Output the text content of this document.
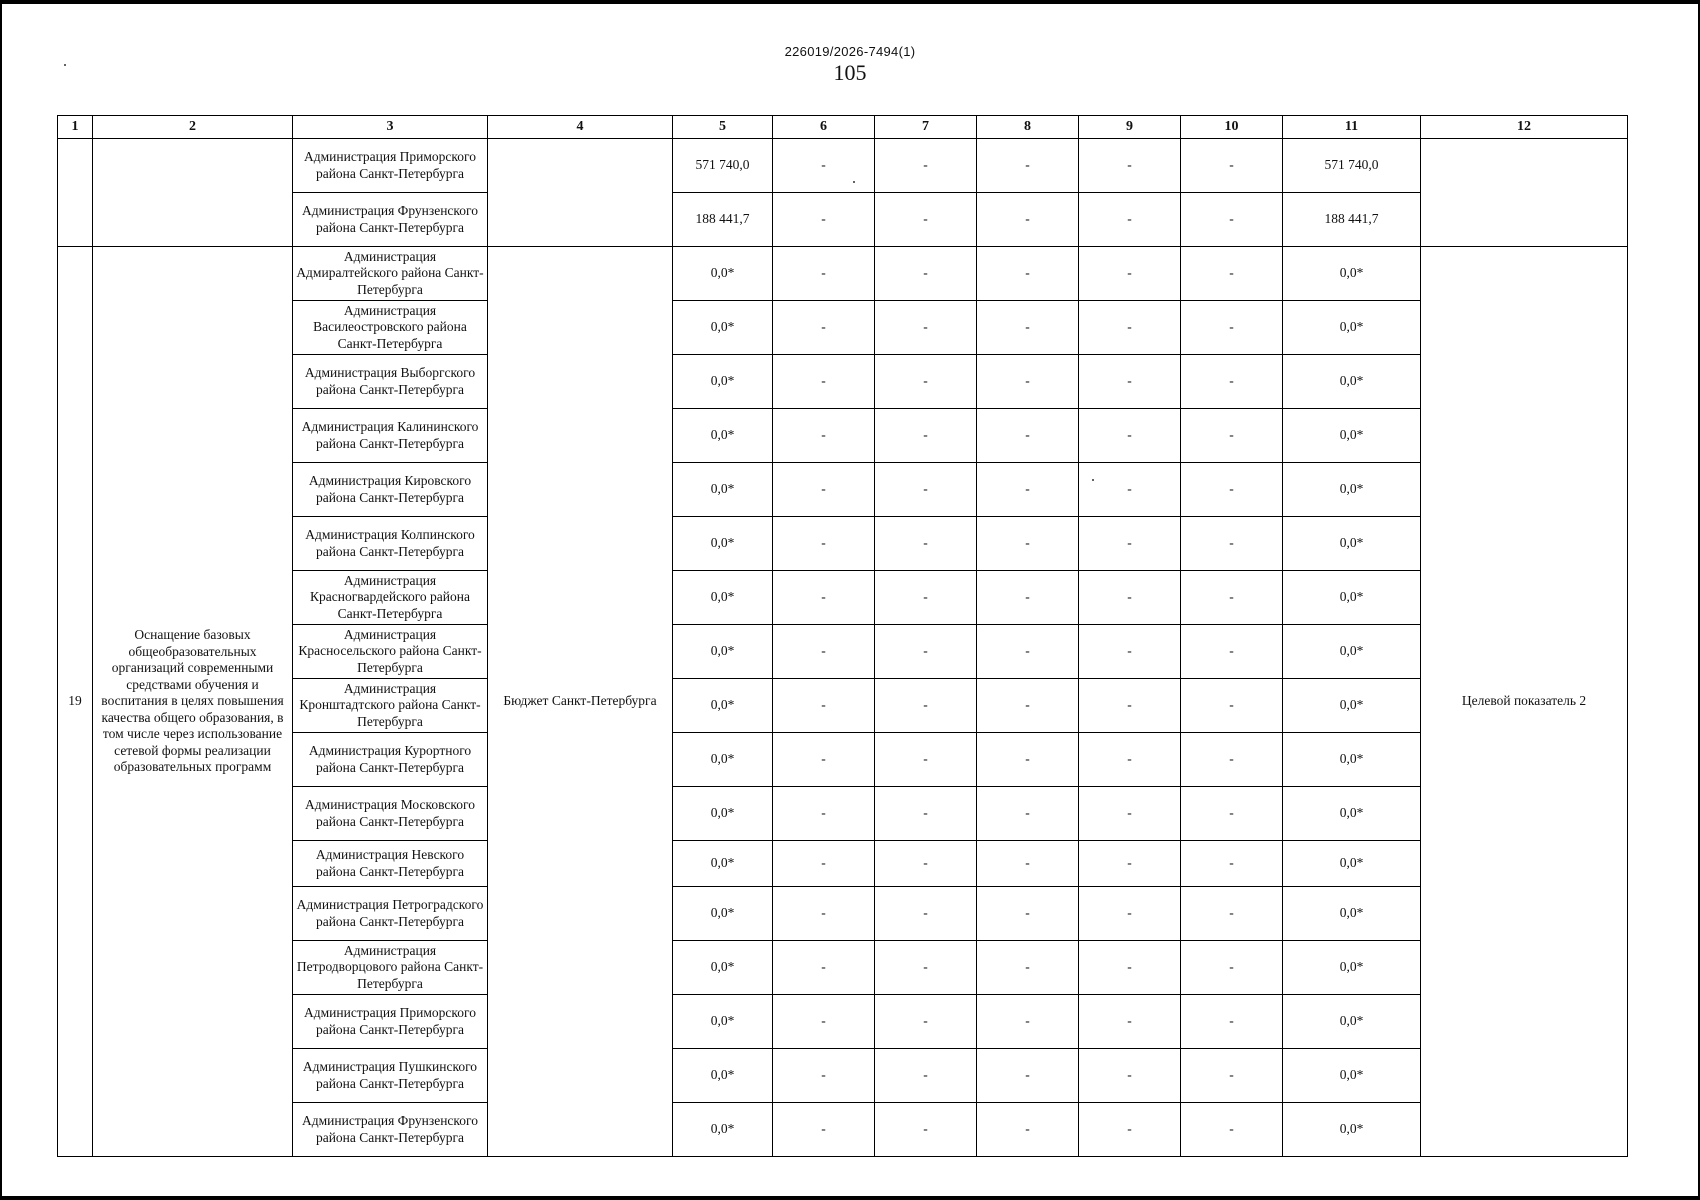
226019/2026-7494(1)
105
1	2	3	4	5	6	7	8	9	10	11	12
		Администрация Приморского района Санкт-Петербурга		571 740,0	-	-	-	-	-	571 740,0	
		Администрация Фрунзенского района Санкт-Петербурга		188 441,7	-	-	-	-	-	188 441,7	
19	Оснащение базовых общеобразовательных организаций современными средствами обучения и воспитания в целях повышения качества общего образования, в том числе через использование сетевой формы реализации образовательных программ	Администрация Адмиралтейского района Санкт-Петербурга	Бюджет Санкт-Петербурга	0,0*	-	-	-	-	-	0,0*	Целевой показатель 2
		Администрация Василеостровского района Санкт-Петербурга		0,0*	-	-	-	-	-	0,0*	
		Администрация Выборгского района Санкт-Петербурга		0,0*	-	-	-	-	-	0,0*	
		Администрация Калининского района Санкт-Петербурга		0,0*	-	-	-	-	-	0,0*	
		Администрация Кировского района Санкт-Петербурга		0,0*	-	-	-	-	-	0,0*	
		Администрация Колпинского района Санкт-Петербурга		0,0*	-	-	-	-	-	0,0*	
		Администрация Красногвардейского района Санкт-Петербурга		0,0*	-	-	-	-	-	0,0*	
		Администрация Красносельского района Санкт-Петербурга		0,0*	-	-	-	-	-	0,0*	
		Администрация Кронштадтского района Санкт-Петербурга		0,0*	-	-	-	-	-	0,0*	
		Администрация Курортного района Санкт-Петербурга		0,0*	-	-	-	-	-	0,0*	
		Администрация Московского района Санкт-Петербурга		0,0*	-	-	-	-	-	0,0*	
		Администрация Невского района Санкт-Петербурга		0,0*	-	-	-	-	-	0,0*	
		Администрация Петроградского района Санкт-Петербурга		0,0*	-	-	-	-	-	0,0*	
		Администрация Петродворцового района Санкт-Петербурга		0,0*	-	-	-	-	-	0,0*	
		Администрация Приморского района Санкт-Петербурга		0,0*	-	-	-	-	-	0,0*	
		Администрация Пушкинского района Санкт-Петербурга		0,0*	-	-	-	-	-	0,0*	
		Администрация Фрунзенского района Санкт-Петербурга		0,0*	-	-	-	-	-	0,0*	
